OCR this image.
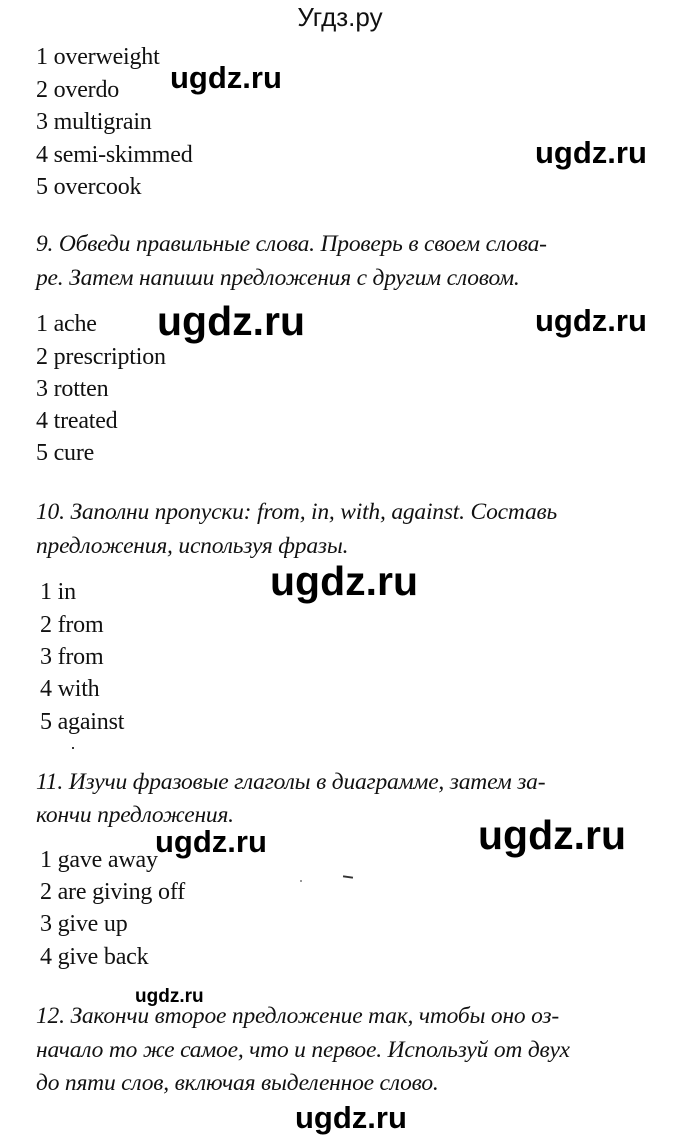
Угдз.ру
1 overweight
2 overdo
3 multigrain
4 semi-skimmed
5 overcook
9. Обведи правильные слова. Проверь в своем слова-
ре. Затем напиши предложения с другим словом.
1 ache
2 prescription
3 rotten
4 treated
5 cure
10. Заполни пропуски: from, in, with, against. Составь
предложения, используя фразы.
1 in
2 from
3 from
4 with
5 against
11. Изучи фразовые глаголы в диаграмме, затем за-
кончи предложения.
1 gave away
2 are giving off
3 give up
4 give back
12. Закончи второе предложение так, чтобы оно оз-
начало то же самое, что и первое. Используй от двух
до пяти слов, включая выделенное слово.
ugdz.ru
ugdz.ru
ugdz.ru	ugdz.ru
ugdz.ru
ugdz.ru	ugdz.ru
ugdz.ru
ugdz.ru
